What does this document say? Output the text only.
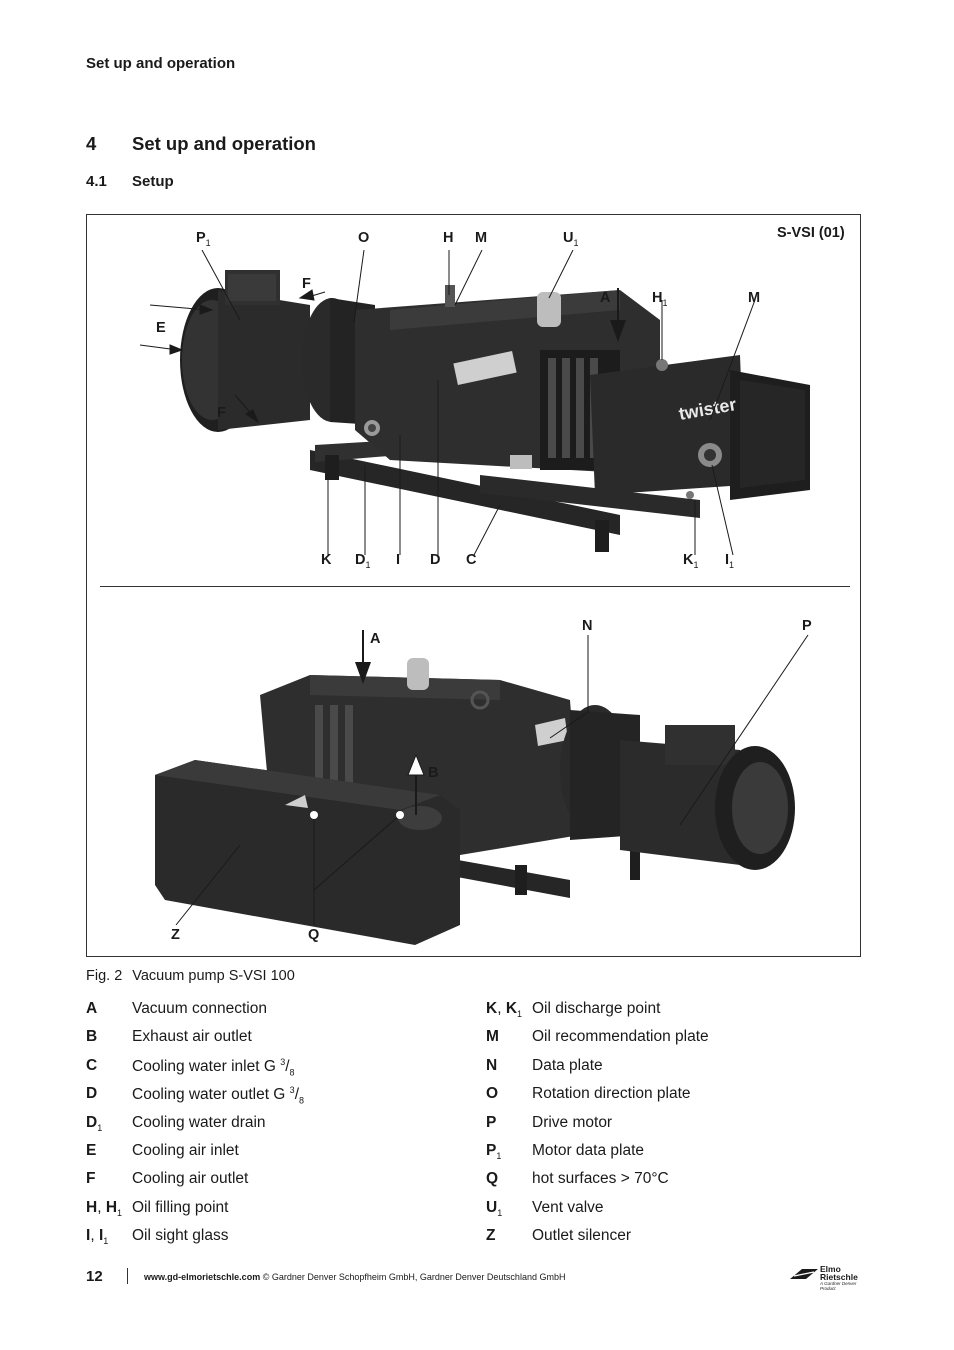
Set up and operation
4 Set up and operation
4.1 Setup
S-VSI (01)
twister
$P_1$	O	H M	$U_1$
F
E
F
A	$H_1$	M
K $D_1$ I D C	$K_1$ $I_1$
A
N	P
B
Z	Q
Fig. 2 Vacuum pump S-VSI 100
A Vacuum connection
B Exhaust air outlet
C Cooling water inlet G $^3/_8$
D Cooling water outlet G $^3/_8$
$D_1$ Cooling water drain
E Cooling air inlet
F Cooling air outlet
H, $H_1$ Oil filling point
I, $I_1$ Oil sight glass
K, $K_1$ Oil discharge point
M Oil recommendation plate
N Data plate
O Rotation direction plate
P Drive motor
$P_1$ Motor data plate
Q hot surfaces > 70°C
$U_1$ Vent valve
Z Outlet silencer
12	www.gd-elmorietschle.com © Gardner Denver Schopfheim GmbH, Gardner Denver Deutschland GmbH
Elmo
Rietschle
A Gardner Denver Product
